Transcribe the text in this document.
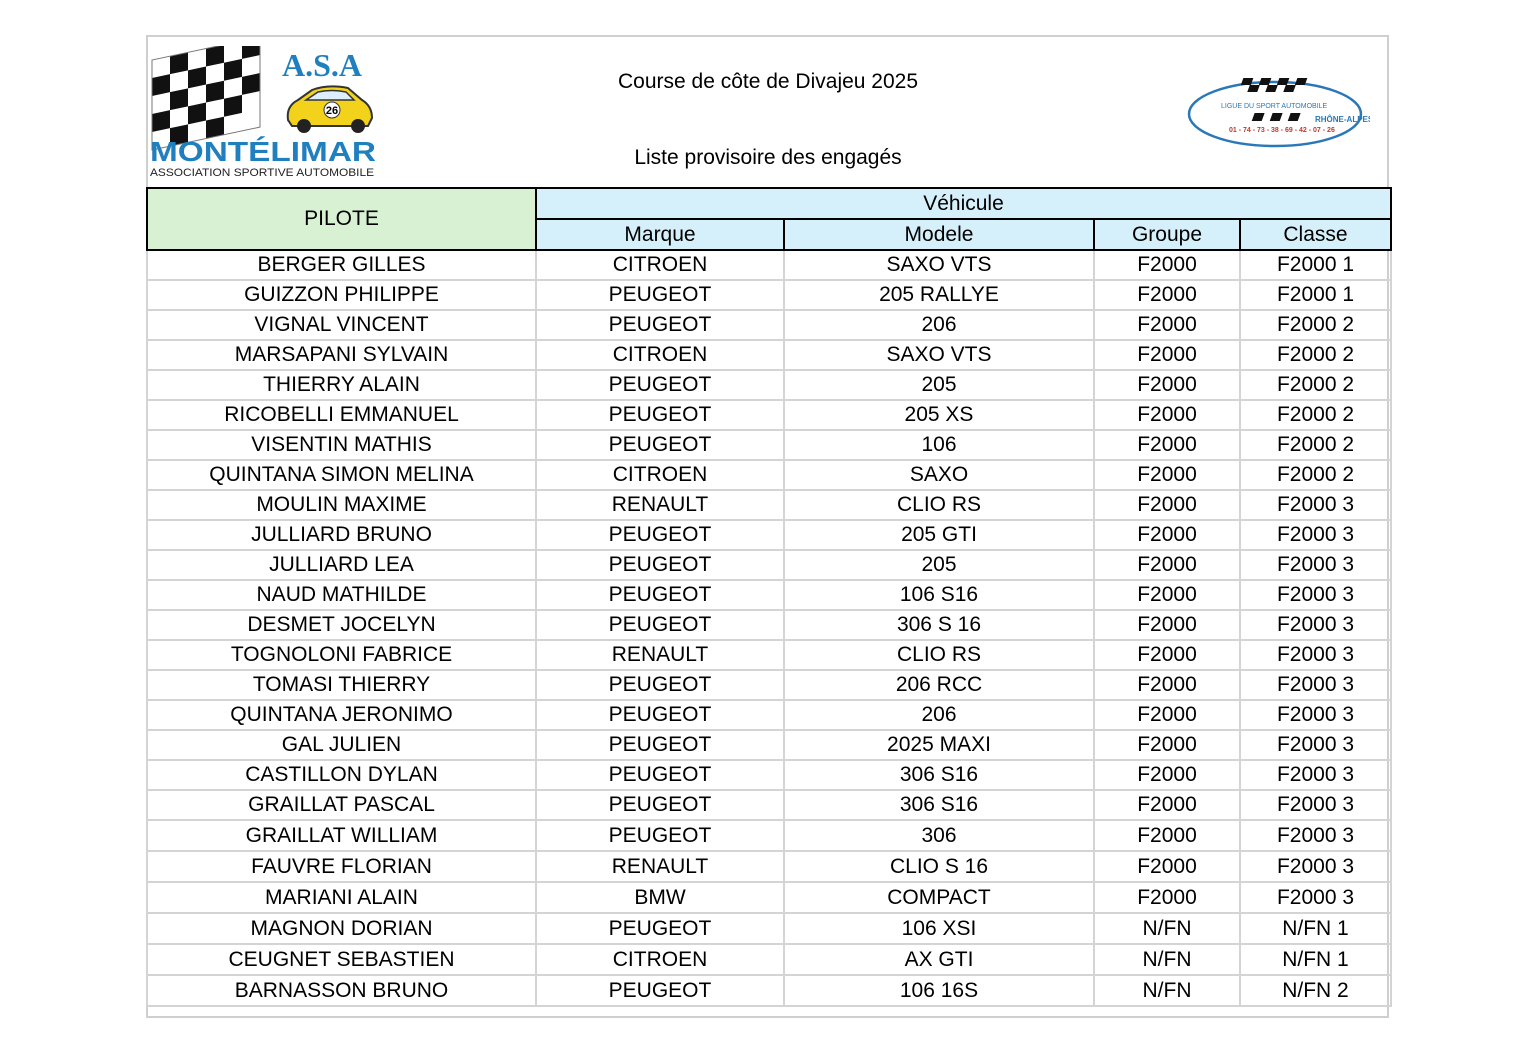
A.S.A
26
MONTÉLIMAR
ASSOCIATION SPORTIVE AUTOMOBILE
LIGUE DU SPORT AUTOMOBILE
RHÔNE-ALPES
01 - 74 - 73 - 38 - 69 - 42 - 07 - 26
Course de côte de Divajeu 2025
Liste provisoire des engagés
PILOTE	Véhicule			
	Marque	Modele	Groupe	Classe
BERGER GILLES	CITROEN	SAXO VTS	F2000	F2000 1
GUIZZON PHILIPPE	PEUGEOT	205 RALLYE	F2000	F2000 1
VIGNAL VINCENT	PEUGEOT	206	F2000	F2000 2
MARSAPANI SYLVAIN	CITROEN	SAXO VTS	F2000	F2000 2
THIERRY ALAIN	PEUGEOT	205	F2000	F2000 2
RICOBELLI EMMANUEL	PEUGEOT	205 XS	F2000	F2000 2
VISENTIN MATHIS	PEUGEOT	106	F2000	F2000 2
QUINTANA SIMON MELINA	CITROEN	SAXO	F2000	F2000 2
MOULIN MAXIME	RENAULT	CLIO RS	F2000	F2000 3
JULLIARD BRUNO	PEUGEOT	205 GTI	F2000	F2000 3
JULLIARD LEA	PEUGEOT	205	F2000	F2000 3
NAUD MATHILDE	PEUGEOT	106 S16	F2000	F2000 3
DESMET JOCELYN	PEUGEOT	306 S 16	F2000	F2000 3
TOGNOLONI FABRICE	RENAULT	CLIO RS	F2000	F2000 3
TOMASI THIERRY	PEUGEOT	206 RCC	F2000	F2000 3
QUINTANA JERONIMO	PEUGEOT	206	F2000	F2000 3
GAL JULIEN	PEUGEOT	2025 MAXI	F2000	F2000 3
CASTILLON DYLAN	PEUGEOT	306 S16	F2000	F2000 3
GRAILLAT PASCAL	PEUGEOT	306 S16	F2000	F2000 3
GRAILLAT WILLIAM	PEUGEOT	306	F2000	F2000 3
FAUVRE FLORIAN	RENAULT	CLIO S 16	F2000	F2000 3
MARIANI ALAIN	BMW	COMPACT	F2000	F2000 3
MAGNON DORIAN	PEUGEOT	106 XSI	N/FN	N/FN 1
CEUGNET SEBASTIEN	CITROEN	AX GTI	N/FN	N/FN 1
BARNASSON BRUNO	PEUGEOT	106 16S	N/FN	N/FN 2
